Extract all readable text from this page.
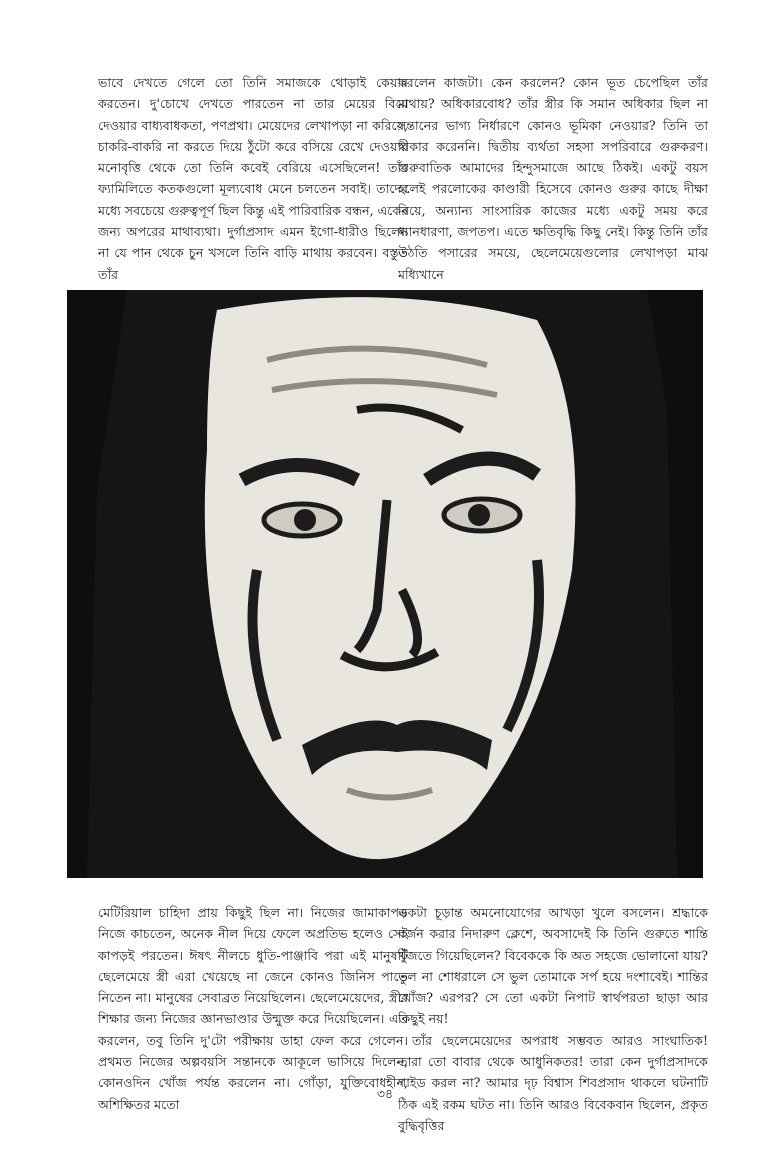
ভাবে দেখতে গেলে তো তিনি সমাজকে থোড়াই কেয়ার করতেন। দু'চোখে দেখতে পারতেন না তার মেয়ের বিয়ে দেওয়ার বাধ্যবাধকতা, পণপ্রথা। মেয়েদের লেখাপড়া না করিয়ে, চাকরি-বাকরি না করতে দিয়ে ঠুঁটো করে বসিয়ে রেখে দেওয়ার মনোবৃত্তি থেকে তো তিনি কবেই বেরিয়ে এসেছিলেন! তাঁর ফ্যামিলিতে কতকগুলো মূল্যবোধ মেনে চলতেন সবাই। তাদের মধ্যে সবচেয়ে গুরুত্বপূর্ণ ছিল কিন্তু এই পারিবারিক বন্ধন, একের জন্য অপরের মাথাব্যথা। দুর্গাপ্রসাদ এমন ইগো-ধারীও ছিলেন না যে পান থেকে চুন খসলে তিনি বাড়ি মাথায় করবেন। বস্তুত তাঁর

করলেন কাজটা। কেন করলেন? কোন ভূত চেপেছিল তাঁর মাথায়? অধিকারবোধ? তাঁর স্ত্রীর কি সমান অধিকার ছিল না সন্তানের ভাগ্য নির্ধারণে কোনও ভূমিকা নেওয়ার? তিনি তা স্বীকার করেননি। দ্বিতীয় ব্যর্থতা সহসা সপরিবারে গুরুকরণ। গুরুবাতিক আমাদের হিন্দুসমাজে আছে ঠিকই। একটু বয়স হলেই পরলোকের কাণ্ডারী হিসেবে কোনও গুরুর কাছে দীক্ষা নিয়ে, অন্যান্য সাংসারিক কাজের মধ্যে একটু সময় করে ধ্যানধারণা, জপতপ। এতে ক্ষতিবৃদ্ধি কিছু নেই। কিন্তু তিনি তাঁর উঠতি পসারের সময়ে, ছেলেমেয়েগুলোর লেখাপড়া মাঝ মধ্যিখানে

মেটিরিয়াল চাহিদা প্রায় কিছুই ছিল না। নিজের জামাকাপড় নিজে কাচতেন, অনেক নীল দিয়ে ফেলে অপ্রতিভ হলেও সেই কাপড়ই পরতেন। ঈষৎ নীলচে ধুতি-পাঞ্জাবি পরা এই মানুষটি ছেলেমেয়ে স্ত্রী এরা খেয়েছে না জেনে কোনও জিনিস পাতে নিতেন না। মানুষের সেবাব্রত নিয়েছিলেন। ছেলেমেয়েদের, স্ত্রীর শিক্ষার জন্য নিজের জ্ঞানভাণ্ডার উন্মুক্ত করে দিয়েছিলেন। এত করলেন, তবু তিনি দু'টো পরীক্ষায় ডাহা ফেল করে গেলেন। প্রথমত নিজের অল্পবয়সি সন্তানকে আকূলে ভাসিয়ে দিলেন, কোনওদিন খোঁজ পর্যন্ত করলেন না। গোঁড়া, যুক্তিবোধহীন, অশিক্ষিতর মতো

একটা চূড়ান্ত অমনোযোগের আখড়া খুলে বসলেন। শ্রদ্ধাকে বর্জন করার নিদারুণ ক্লেশে, অবসাদেই কি তিনি গুরুতে শান্তি খুঁজতে গিয়েছিলেন? বিবেককে কি অত সহজে ভোলানো যায়? ভুল না শোধরালে সে ভুল তোমাকে সর্প হয়ে দংশাবেই। শান্তির খোঁজ? এরপর? সে তো একটা নিপাট স্বার্থপরতা ছাড়া আর কিছুই নয়!

তাঁর ছেলেমেয়েদের অপরাধ সম্ভবত আরও সাংঘাতিক! তারা তো বাবার থেকে আধুনিকতর! তারা কেন দুর্গাপ্রসাদকে গাইড করল না? আমার দৃঢ় বিশ্বাস শিবপ্রসাদ থাকলে ঘটনাটি ঠিক এই রকম ঘটত না। তিনি আরও বিবেকবান ছিলেন, প্রকৃত বুদ্ধিবৃত্তির

৩৪
